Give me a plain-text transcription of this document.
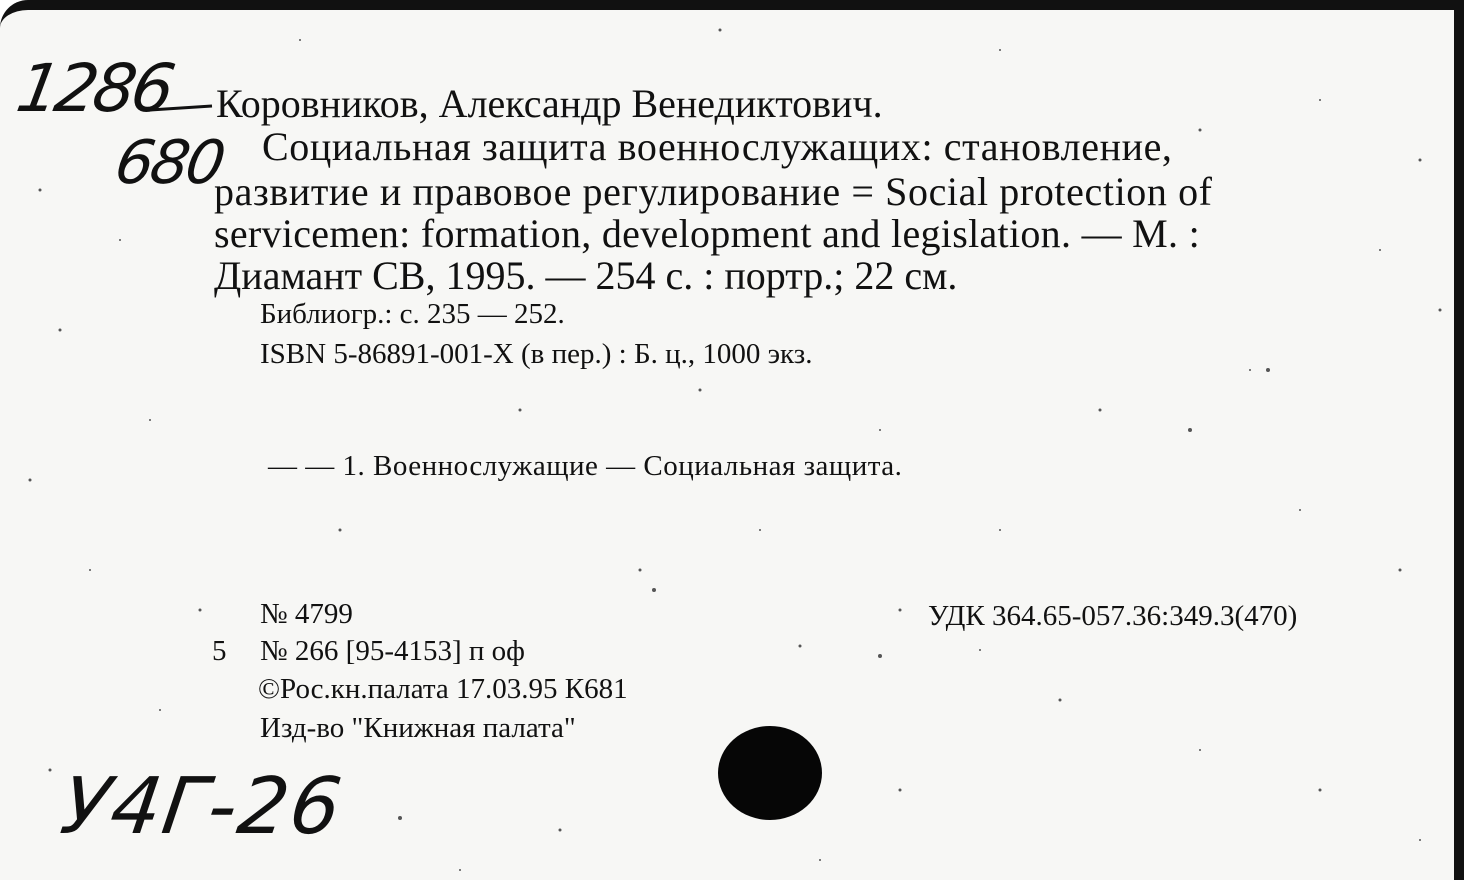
1286
680
Коровников, Александр Венедиктович.
Социальная защита военнослужащих: становление,
развитие и правовое регулирование = Social protection of
servicemen: formation, development and legislation. — М. :
Диамант СВ, 1995. — 254 с. : портр.; 22 см.
Библиогр.: с. 235 — 252.
ISBN 5-86891-001-X (в пер.) : Б. ц., 1000 экз.
— — 1. Военнослужащие — Социальная защита.
5
№ 4799
№ 266 [95-4153] п оф
©Рос.кн.палата 17.03.95 К681
Изд-во "Книжная палата"
УДК 364.65-057.36:349.3(470)
У4Г-26
